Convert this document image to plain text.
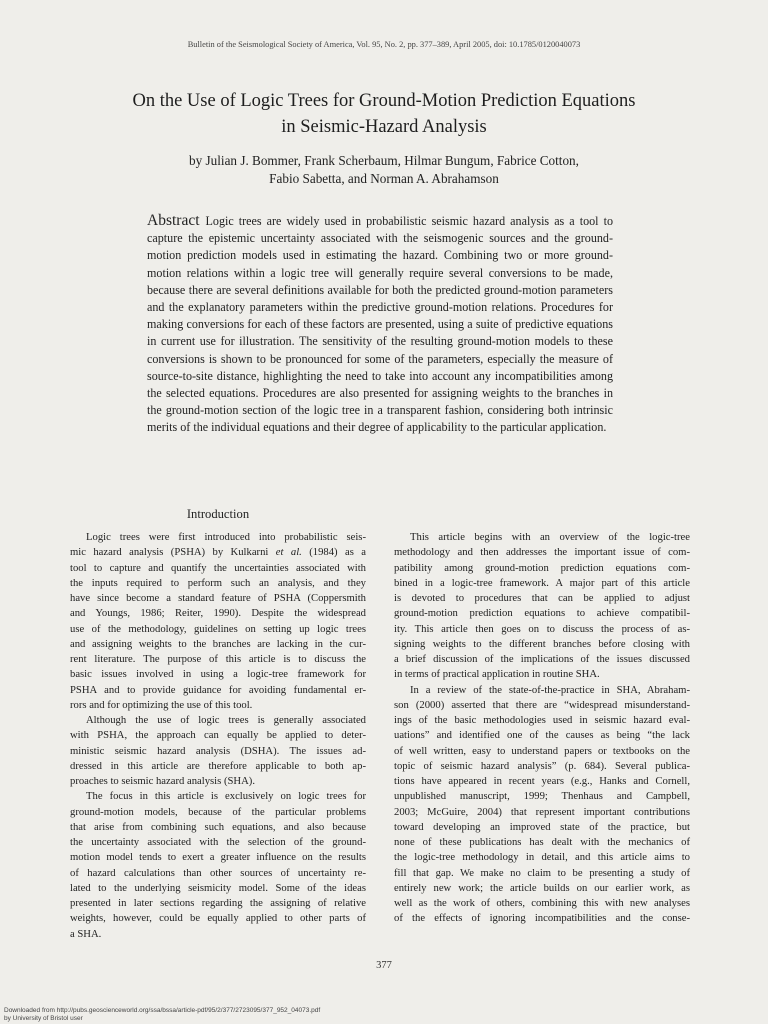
Bulletin of the Seismological Society of America, Vol. 95, No. 2, pp. 377–389, April 2005, doi: 10.1785/0120040073
On the Use of Logic Trees for Ground-Motion Prediction Equations
in Seismic-Hazard Analysis
by Julian J. Bommer, Frank Scherbaum, Hilmar Bungum, Fabrice Cotton,
Fabio Sabetta, and Norman A. Abrahamson

Abstract Logic trees are widely used in probabilistic seismic hazard analysis as a tool to capture the epistemic uncertainty associated with the seismogenic sources and the ground-motion prediction models used in estimating the hazard. Combining two or more ground-motion relations within a logic tree will generally require several conversions to be made, because there are several definitions available for both the predicted ground-motion parameters and the explanatory parameters within the predictive ground-motion relations. Procedures for making conversions for each of these factors are presented, using a suite of predictive equations in current use for illustration. The sensitivity of the resulting ground-motion models to these conversions is shown to be pronounced for some of the parameters, especially the measure of source-to-site distance, highlighting the need to take into account any incompatibilities among the selected equations. Procedures are also presented for assigning weights to the branches in the ground-motion section of the logic tree in a transparent fashion, considering both intrinsic merits of the individual equations and their degree of applicability to the particular application.

Introduction
Logic trees were first introduced into probabilistic seis-
mic hazard analysis (PSHA) by Kulkarni et al. (1984) as a
tool to capture and quantify the uncertainties associated with
the inputs required to perform such an analysis, and they
have since become a standard feature of PSHA (Coppersmith
and Youngs, 1986; Reiter, 1990). Despite the widespread
use of the methodology, guidelines on setting up logic trees
and assigning weights to the branches are lacking in the cur-
rent literature. The purpose of this article is to discuss the
basic issues involved in using a logic-tree framework for
PSHA and to provide guidance for avoiding fundamental er-
rors and for optimizing the use of this tool.
Although the use of logic trees is generally associated
with PSHA, the approach can equally be applied to deter-
ministic seismic hazard analysis (DSHA). The issues ad-
dressed in this article are therefore applicable to both ap-
proaches to seismic hazard analysis (SHA).
The focus in this article is exclusively on logic trees for
ground-motion models, because of the particular problems
that arise from combining such equations, and also because
the uncertainty associated with the selection of the ground-
motion model tends to exert a greater influence on the results
of hazard calculations than other sources of uncertainty re-
lated to the underlying seismicity model. Some of the ideas
presented in later sections regarding the assigning of relative
weights, however, could be equally applied to other parts of
a SHA.
This article begins with an overview of the logic-tree
methodology and then addresses the important issue of com-
patibility among ground-motion prediction equations com-
bined in a logic-tree framework. A major part of this article
is devoted to procedures that can be applied to adjust
ground-motion prediction equations to achieve compatibil-
ity. This article then goes on to discuss the process of as-
signing weights to the different branches before closing with
a brief discussion of the implications of the issues discussed
in terms of practical application in routine SHA.
In a review of the state-of-the-practice in SHA, Abraham-
son (2000) asserted that there are “widespread misunderstand-
ings of the basic methodologies used in seismic hazard eval-
uations” and identified one of the causes as being “the lack
of well written, easy to understand papers or textbooks on the
topic of seismic hazard analysis” (p. 684). Several publica-
tions have appeared in recent years (e.g., Hanks and Cornell,
unpublished manuscript, 1999; Thenhaus and Campbell,
2003; McGuire, 2004) that represent important contributions
toward developing an improved state of the practice, but
none of these publications has dealt with the mechanics of
the logic-tree methodology in detail, and this article aims to
fill that gap. We make no claim to be presenting a study of
entirely new work; the article builds on our earlier work, as
well as the work of others, combining this with new analyses
of the effects of ignoring incompatibilities and the conse-
377
Downloaded from http://pubs.geoscienceworld.org/ssa/bssa/article-pdf/95/2/377/2723095/377_952_04073.pdf
by University of Bristol user
